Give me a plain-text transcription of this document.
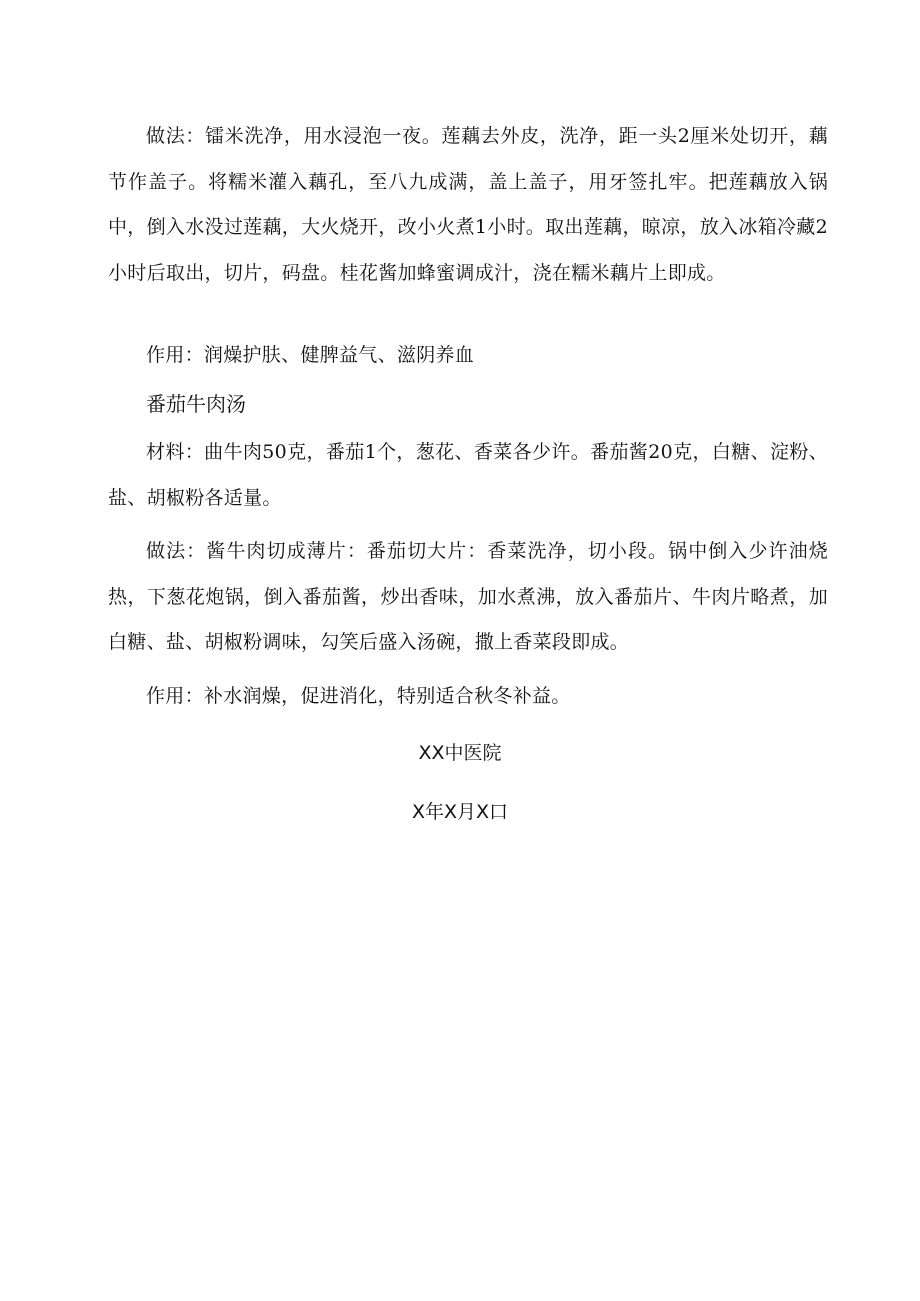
做法：镭米洗净，用水浸泡一夜。莲藕去外皮，洗净，距一头2厘米处切开，藕节作盖子。将糯米灌入藕孔，至八九成满，盖上盖子，用牙签扎牢。把莲藕放入锅中，倒入水没过莲藕，大火烧开，改小火煮1小时。取出莲藕，晾凉，放入冰箱冷藏2小时后取出，切片，码盘。桂花酱加蜂蜜调成汁，浇在糯米藕片上即成。

作用：润燥护肤、健脾益气、滋阴养血

番茄牛肉汤

材料：曲牛肉50克，番茄1个，葱花、香菜各少许。番茄酱20克，白糖、淀粉、盐、胡椒粉各适量。

做法：酱牛肉切成薄片：番茄切大片：香菜洗净，切小段。锅中倒入少许油烧热，下葱花炮锅，倒入番茄酱，炒出香味，加水煮沸，放入番茄片、牛肉片略煮，加白糖、盐、胡椒粉调味，勾笑后盛入汤碗，撒上香菜段即成。

作用：补水润燥，促进消化，特别适合秋冬补益。

XX中医院

X年X月X口
